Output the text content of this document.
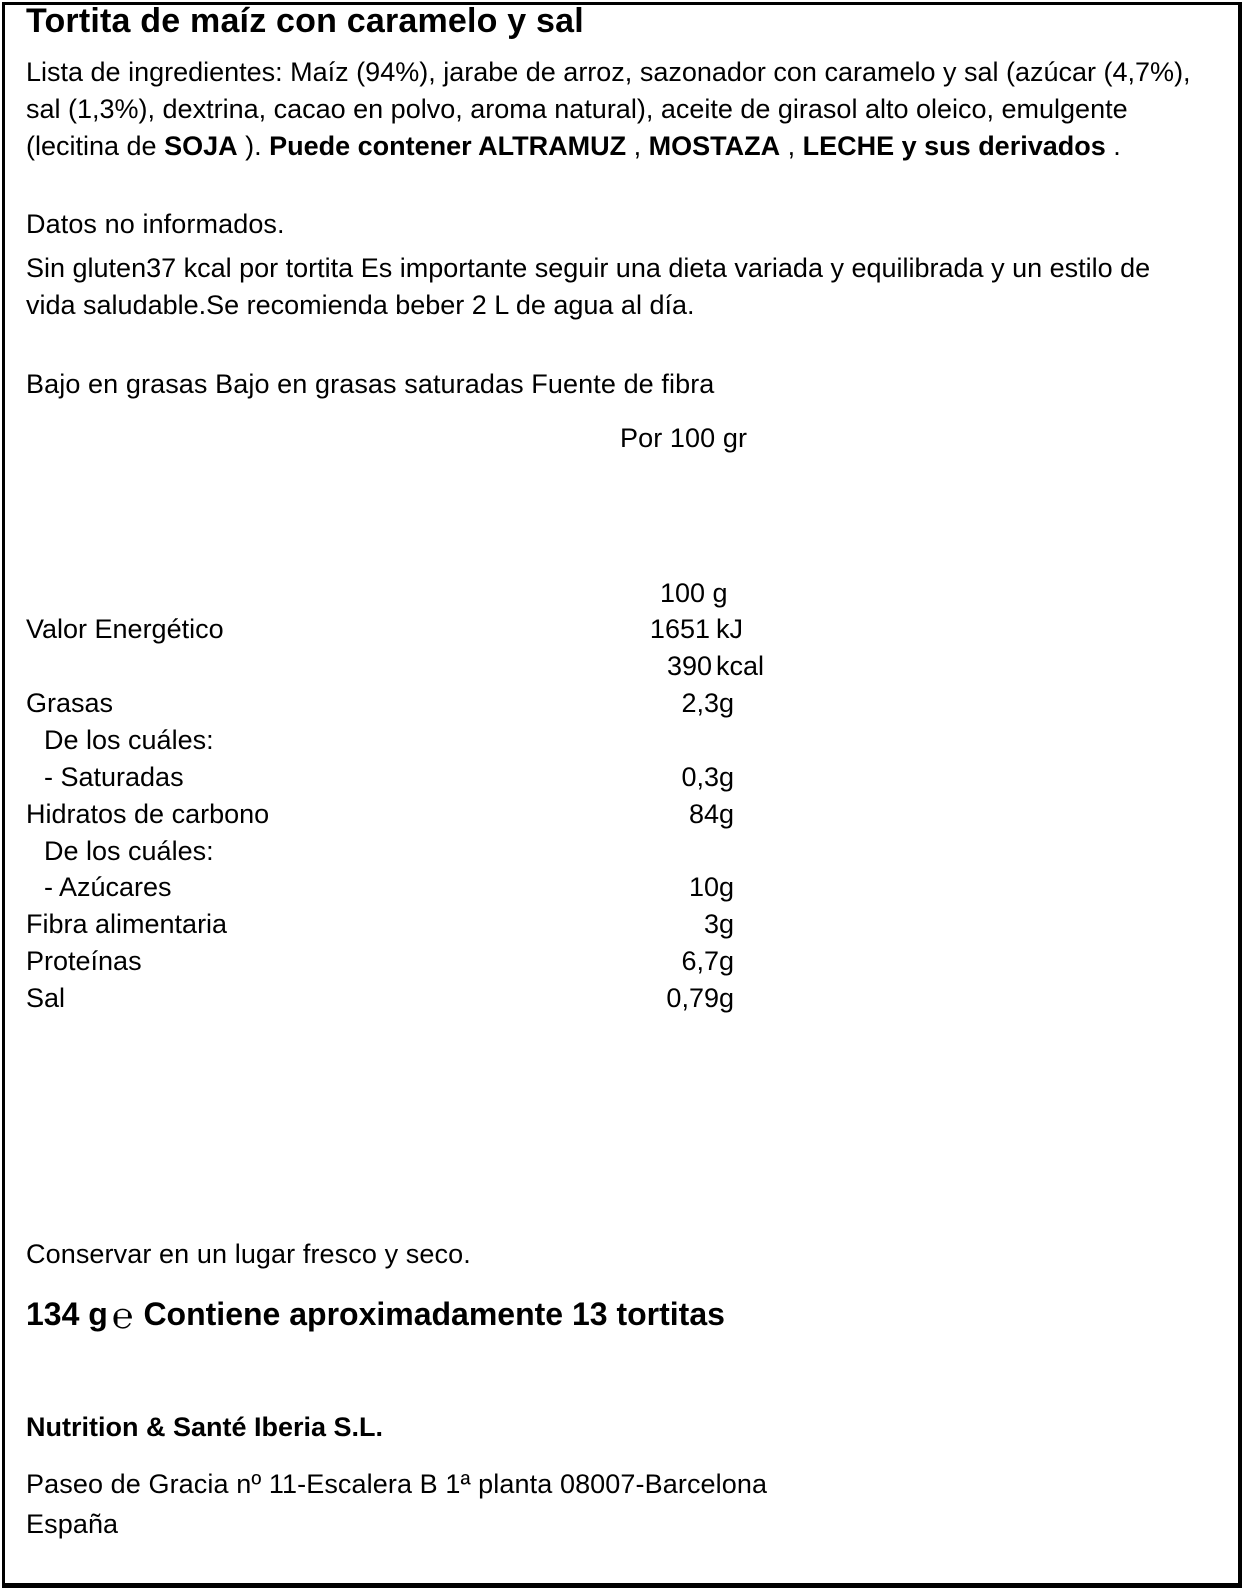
Tortita de maíz con caramelo y sal
Lista de ingredientes: Maíz (94%), jarabe de arroz, sazonador con caramelo y sal (azúcar (4,7%), sal (1,3%), dextrina, cacao en polvo, aroma natural), aceite de girasol alto oleico, emulgente (lecitina de SOJA ). Puede contener ALTRAMUZ , MOSTAZA , LECHE y sus derivados .
Datos no informados.
Sin gluten37 kcal por tortita Es importante seguir una dieta variada y equilibrada y un estilo de vida saludable.Se recomienda beber 2 L de agua al día.
Bajo en grasas Bajo en grasas saturadas Fuente de fibra
Por 100 gr
100 g
Valor Energético	1651 kJ
390 kcal
Grasas	2,3g
De los cuáles:
- Saturadas	0,3g
Hidratos de carbono	84g
De los cuáles:
- Azúcares	10g
Fibra alimentaria	3g
Proteínas	6,7g
Sal	0,79g
Conservar en un lugar fresco y seco.
134 g ℮ Contiene aproximadamente 13 tortitas
Nutrition & Santé Iberia S.L.
Paseo de Gracia nº 11-Escalera B 1ª planta 08007-Barcelona
España
